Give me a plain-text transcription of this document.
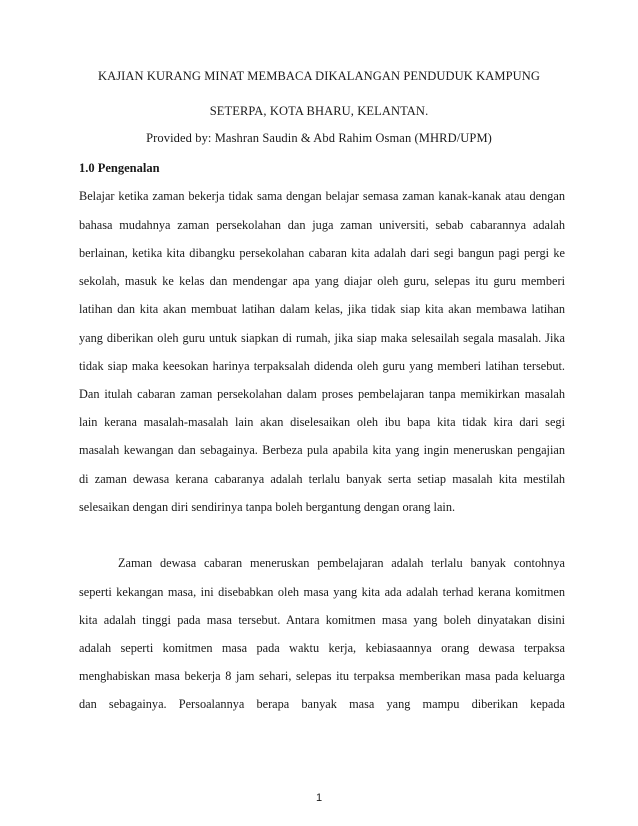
KAJIAN KURANG MINAT MEMBACA DIKALANGAN PENDUDUK KAMPUNG
SETERPA, KOTA BHARU, KELANTAN.
Provided by: Mashran Saudin & Abd Rahim Osman (MHRD/UPM)
1.0 Pengenalan
Belajar ketika zaman bekerja tidak sama dengan belajar semasa zaman kanak-kanak atau dengan
bahasa mudahnya zaman persekolahan dan juga zaman universiti, sebab cabarannya adalah
berlainan, ketika kita dibangku persekolahan cabaran kita adalah dari segi bangun pagi pergi ke
sekolah, masuk ke kelas dan mendengar apa yang diajar oleh guru, selepas itu guru memberi
latihan dan kita akan membuat latihan dalam kelas, jika tidak siap kita akan membawa latihan
yang diberikan oleh guru untuk siapkan di rumah, jika siap maka selesailah segala masalah. Jika
tidak siap maka keesokan harinya terpaksalah didenda oleh guru yang memberi latihan tersebut.
Dan itulah cabaran zaman persekolahan dalam proses pembelajaran tanpa memikirkan masalah
lain kerana masalah-masalah lain akan diselesaikan oleh ibu bapa kita tidak kira dari segi
masalah kewangan dan sebagainya. Berbeza pula apabila kita yang ingin meneruskan pengajian
di zaman dewasa kerana cabaranya adalah terlalu banyak serta setiap masalah kita mestilah
selesaikan dengan diri sendirinya tanpa boleh bergantung dengan orang lain.
Zaman dewasa cabaran meneruskan pembelajaran adalah terlalu banyak contohnya
seperti kekangan masa, ini disebabkan oleh masa yang kita ada adalah terhad kerana komitmen
kita adalah tinggi pada masa tersebut. Antara komitmen masa yang boleh dinyatakan disini
adalah seperti komitmen masa pada waktu kerja, kebiasaannya orang dewasa terpaksa
menghabiskan masa bekerja 8 jam sehari, selepas itu terpaksa memberikan masa pada keluarga
dan sebagainya. Persoalannya berapa banyak masa yang mampu diberikan kepada
1
